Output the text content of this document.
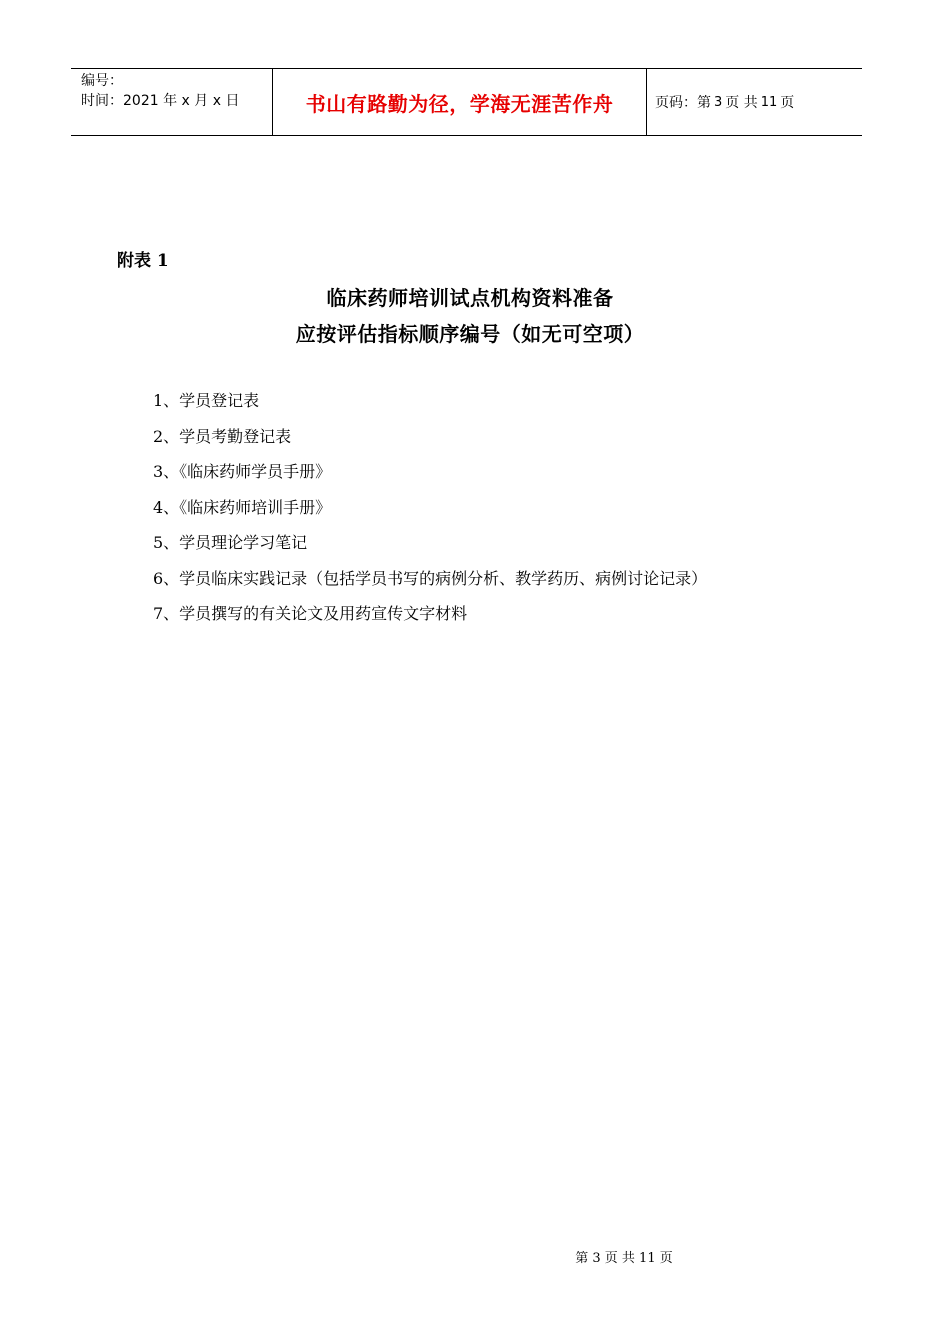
编号：
时间：2021 年 x 月 x 日	书山有路勤为径，学海无涯苦作舟	页码：第 3 页 共 11 页
附表 1
临床药师培训试点机构资料准备
应按评估指标顺序编号（如无可空项）
1、学员登记表
2、学员考勤登记表
3、《临床药师学员手册》
4、《临床药师培训手册》
5、学员理论学习笔记
6、学员临床实践记录（包括学员书写的病例分析、教学药历、病例讨论记录）
7、学员撰写的有关论文及用药宣传文字材料
第 3 页 共 11 页
